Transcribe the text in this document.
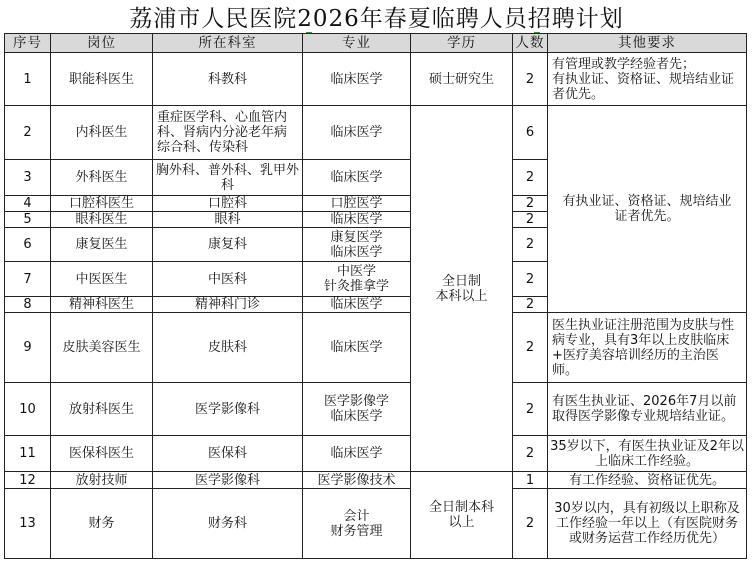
荔浦市人民医院2026年春夏临聘人员招聘计划
序号	岗位	所在科室	专业	学历	人数	其他要求
1	职能科医生	科教科	临床医学	硕士研究生	2	有管理或教学经验者先；
有执业证、资格证、规培结业证者优先。
2	内科医生	重症医学科、心血管内科、肾病内分泌老年病综合科、传染科	临床医学	全日制
本科以上	6	有执业证、资格证、规培结业
证者优先。
3	外科医生	胸外科、普外科、乳甲外科	临床医学		2	
4	口腔科医生	口腔科	口腔医学		2	
5	眼科医生	眼科	临床医学		2	
6	康复医生	康复科	康复医学
临床医学		2	
7	中医医生	中医科	中医学
针灸推拿学		2	
8	精神科医生	精神科门诊	临床医学		2	
9	皮肤美容医生	皮肤科	临床医学		2	医生执业证注册范围为皮肤与性病专业，具有3年以上皮肤临床+医疗美容培训经历的主治医师。
10	放射科医生	医学影像科	医学影像学
临床医学		2	有医生执业证、2026年7月以前取得医学影像专业规培结业证。
11	医保科医生	医保科	临床医学		2	35岁以下，有医生执业证及2年以上临床工作经验。
12	放射技师	医学影像科	医学影像技术	全日制本科
以上	1	有工作经验、资格证优先。
13	财务	财务科	会计
财务管理		2	30岁以内，具有初级以上职称及工作经验一年以上（有医院财务或财务运营工作经历优先）
